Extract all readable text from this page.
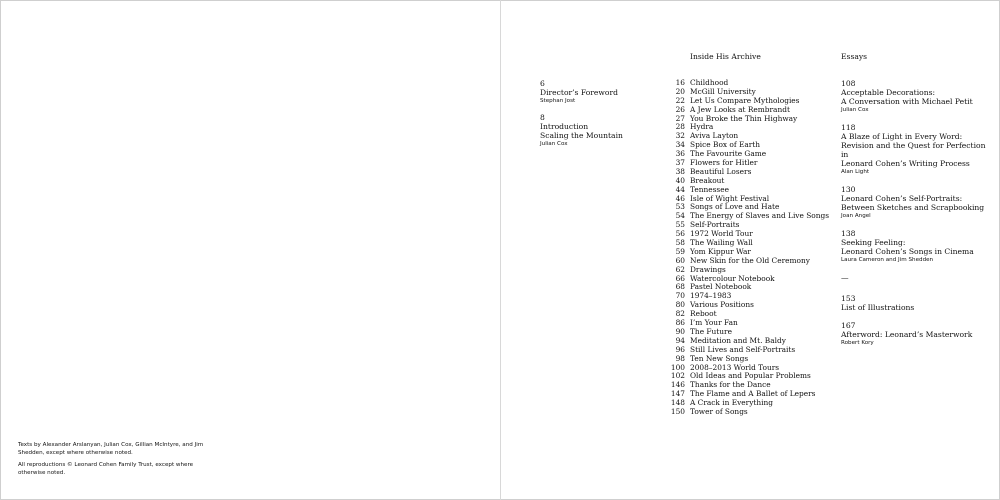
Texts by Alexander Arslanyan, Julian Cox, Gillian McIntyre, and Jim Shedden, except where otherwise noted.

All reproductions © Leonard Cohen Family Trust, except where otherwise noted.

Inside His Archive	Essays
6
Director’s Foreword
Stephan Jost
8
Introduction
Scaling the Mountain
Julian Cox
16 Childhood
20 McGill University
22 Let Us Compare Mythologies
26 A Jew Looks at Rembrandt
27 You Broke the Thin Highway
28 Hydra
32 Aviva Layton
34 Spice Box of Earth
36 The Favourite Game
37 Flowers for Hitler
38 Beautiful Losers
40 Breakout
44 Tennessee
46 Isle of Wight Festival
53 Songs of Love and Hate
54 The Energy of Slaves and Live Songs
55 Self-Portraits
56 1972 World Tour
58 The Wailing Wall
59 Yom Kippur War
60 New Skin for the Old Ceremony
62 Drawings
66 Watercolour Notebook
68 Pastel Notebook
70 1974–1983
80 Various Positions
82 Reboot
86 I’m Your Fan
90 The Future
94 Meditation and Mt. Baldy
96 Still Lives and Self-Portraits
98 Ten New Songs
100 2008–2013 World Tours
102 Old Ideas and Popular Problems
146 Thanks for the Dance
147 The Flame and A Ballet of Lepers
148 A Crack in Everything
150 Tower of Songs
108
Acceptable Decorations:
A Conversation with Michael Petit
Julian Cox
118
A Blaze of Light in Every Word:
Revision and the Quest for Perfection in
Leonard Cohen’s Writing Process
Alan Light
130
Leonard Cohen’s Self-Portraits:
Between Sketches and Scrapbooking
Joan Angel
138
Seeking Feeling:
Leonard Cohen’s Songs in Cinema
Laura Cameron and Jim Shedden
—
153
List of Illustrations
167
Afterword: Leonard’s Masterwork
Robert Kory
